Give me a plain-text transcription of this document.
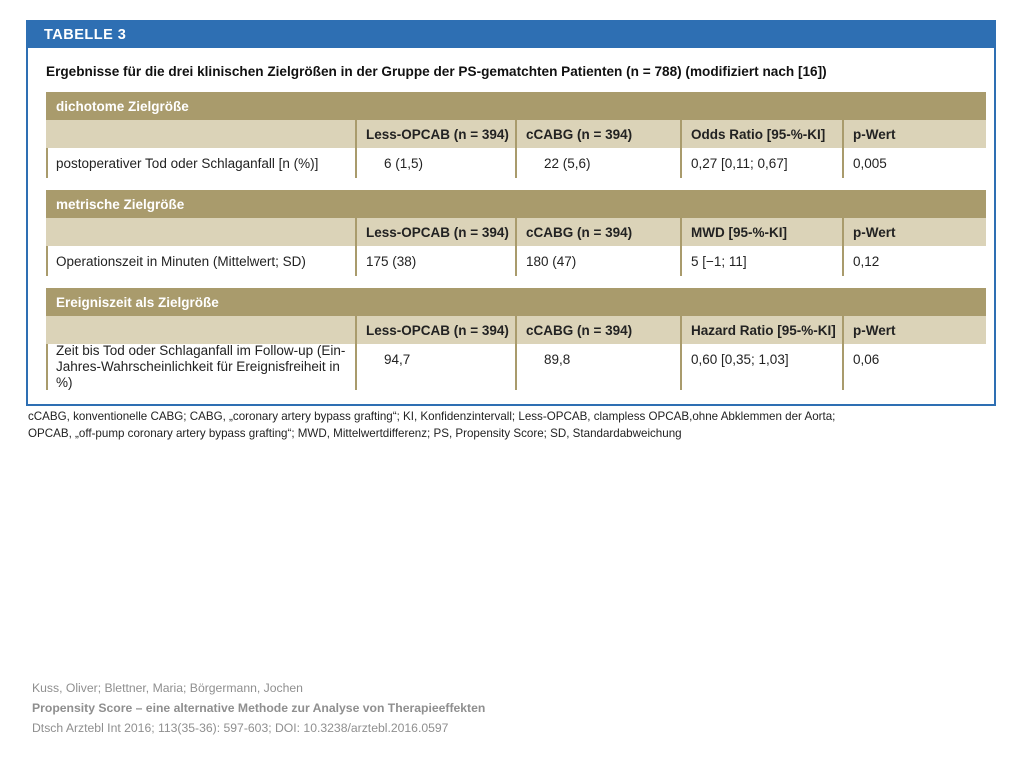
TABELLE 3
Ergebnisse für die drei klinischen Zielgrößen in der Gruppe der PS-gematchten Patienten (n = 788) (modifiziert nach [16])
dichotome Zielgröße
Less-OPCAB (n = 394)	cCABG (n = 394)	Odds Ratio [95-%-KI]	p-Wert
postoperativer Tod oder Schlaganfall [n (%)]	6 (1,5)	22 (5,6)	0,27 [0,11; 0,67]	0,005
metrische Zielgröße
Less-OPCAB (n = 394)	cCABG (n = 394)	MWD [95-%-KI]	p-Wert
Operationszeit in Minuten (Mittelwert; SD)	175 (38)	180 (47)	5 [−1; 11]	0,12
Ereigniszeit als Zielgröße
Less-OPCAB (n = 394)	cCABG (n = 394)	Hazard Ratio [95-%-KI]	p-Wert
Zeit bis Tod oder Schlaganfall im Follow-up (Ein-
Jahres-Wahrscheinlichkeit für Ereignisfreiheit in %)
94,7	89,8	0,60 [0,35; 1,03]	0,06
cCABG, konventionelle CABG; CABG, „coronary artery bypass grafting“; KI, Konfidenzintervall; Less-OPCAB, clampless OPCAB,ohne Abklemmen der Aorta;
OPCAB, „off-pump coronary artery bypass grafting“; MWD, Mittelwertdifferenz; PS, Propensity Score; SD, Standardabweichung
Kuss, Oliver; Blettner, Maria; Börgermann, Jochen
Propensity Score – eine alternative Methode zur Analyse von Therapieeffekten
Dtsch Arztebl Int 2016; 113(35-36): 597-603; DOI: 10.3238/arztebl.2016.0597
